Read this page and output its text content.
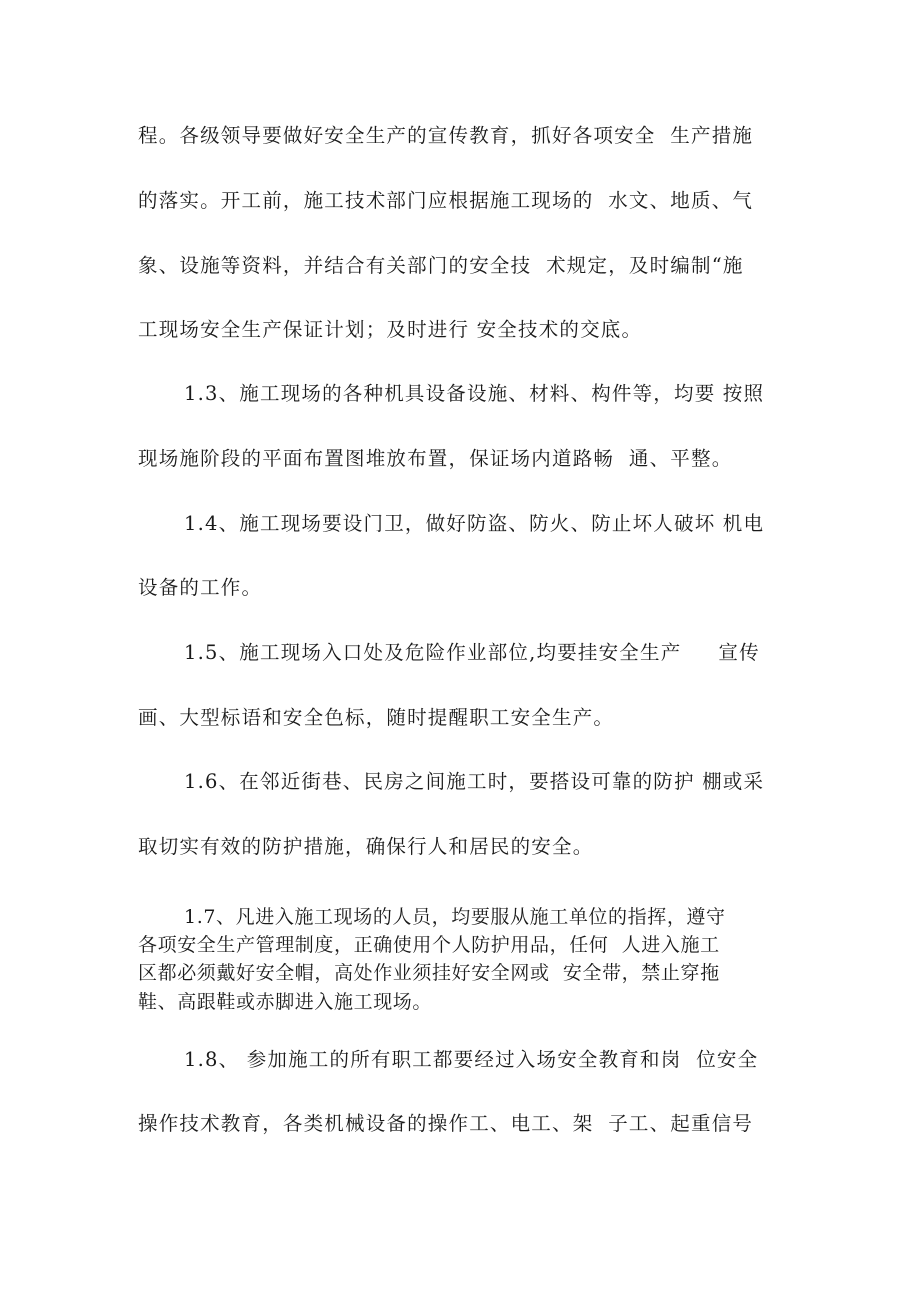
程。各级领导要做好安全生产的宣传教育，抓好各项安全  生产措施
的落实。开工前，施工技术部门应根据施工现场的  水文、地质、气
象、设施等资料，并结合有关部门的安全技  术规定，及时编制“施
工现场安全生产保证计划；及时进行 安全技术的交底。
1.3、施工现场的各种机具设备设施、材料、构件等，均要 按照
现场施阶段的平面布置图堆放布置，保证场内道路畅  通、平整。
1.4、施工现场要设门卫，做好防盗、防火、防止坏人破坏 机电
设备的工作。
1.5、施工现场入口处及危险作业部位,均要挂安全生产     宣传
画、大型标语和安全色标，随时提醒职工安全生产。
1.6、在邻近街巷、民房之间施工时，要搭设可靠的防护 棚或采
取切实有效的防护措施，确保行人和居民的安全。
1.7、凡进入施工现场的人员，均要服从施工单位的指挥，遵守
各项安全生产管理制度，正确使用个人防护用品，任何  人进入施工
区都必须戴好安全帽，高处作业须挂好安全网或  安全带，禁止穿拖
鞋、高跟鞋或赤脚进入施工现场。
1.8、 参加施工的所有职工都要经过入场安全教育和岗  位安全
操作技术教育，各类机械设备的操作工、电工、架  子工、起重信号
